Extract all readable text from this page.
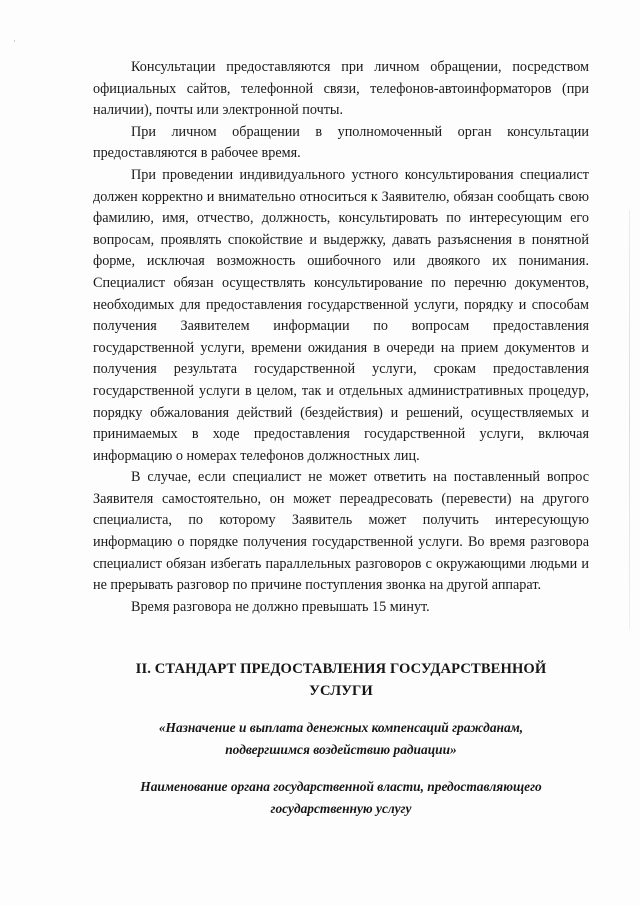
Консультации предоставляются при личном обращении, посредством официальных сайтов, телефонной связи, телефонов-автоинформаторов (при наличии), почты или электронной почты.

При личном обращении в уполномоченный орган консультации предоставляются в рабочее время.

При проведении индивидуального устного консультирования специалист должен корректно и внимательно относиться к Заявителю, обязан сообщать свою фамилию, имя, отчество, должность, консультировать по интересующим его вопросам, проявлять спокойствие и выдержку, давать разъяснения в понятной форме, исключая возможность ошибочного или двоякого их понимания. Специалист обязан осуществлять консультирование по перечню документов, необходимых для предоставления государственной услуги, порядку и способам получения Заявителем информации по вопросам предоставления государственной услуги, времени ожидания в очереди на прием документов и получения результата государственной услуги, срокам предоставления государственной услуги в целом, так и отдельных административных процедур, порядку обжалования действий (бездействия) и решений, осуществляемых и принимаемых в ходе предоставления государственной услуги, включая информацию о номерах телефонов должностных лиц.

В случае, если специалист не может ответить на поставленный вопрос Заявителя самостоятельно, он может переадресовать (перевести) на другого специалиста, по которому Заявитель может получить интересующую информацию о порядке получения государственной услуги. Во время разговора специалист обязан избегать параллельных разговоров с окружающими людьми и не прерывать разговор по причине поступления звонка на другой аппарат.

Время разговора не должно превышать 15 минут.

II. СТАНДАРТ ПРЕДОСТАВЛЕНИЯ ГОСУДАРСТВЕННОЙ
УСЛУГИ
«Назначение и выплата денежных компенсаций гражданам,
подвергшимся воздействию радиации»
Наименование органа государственной власти, предоставляющего
государственную услугу
